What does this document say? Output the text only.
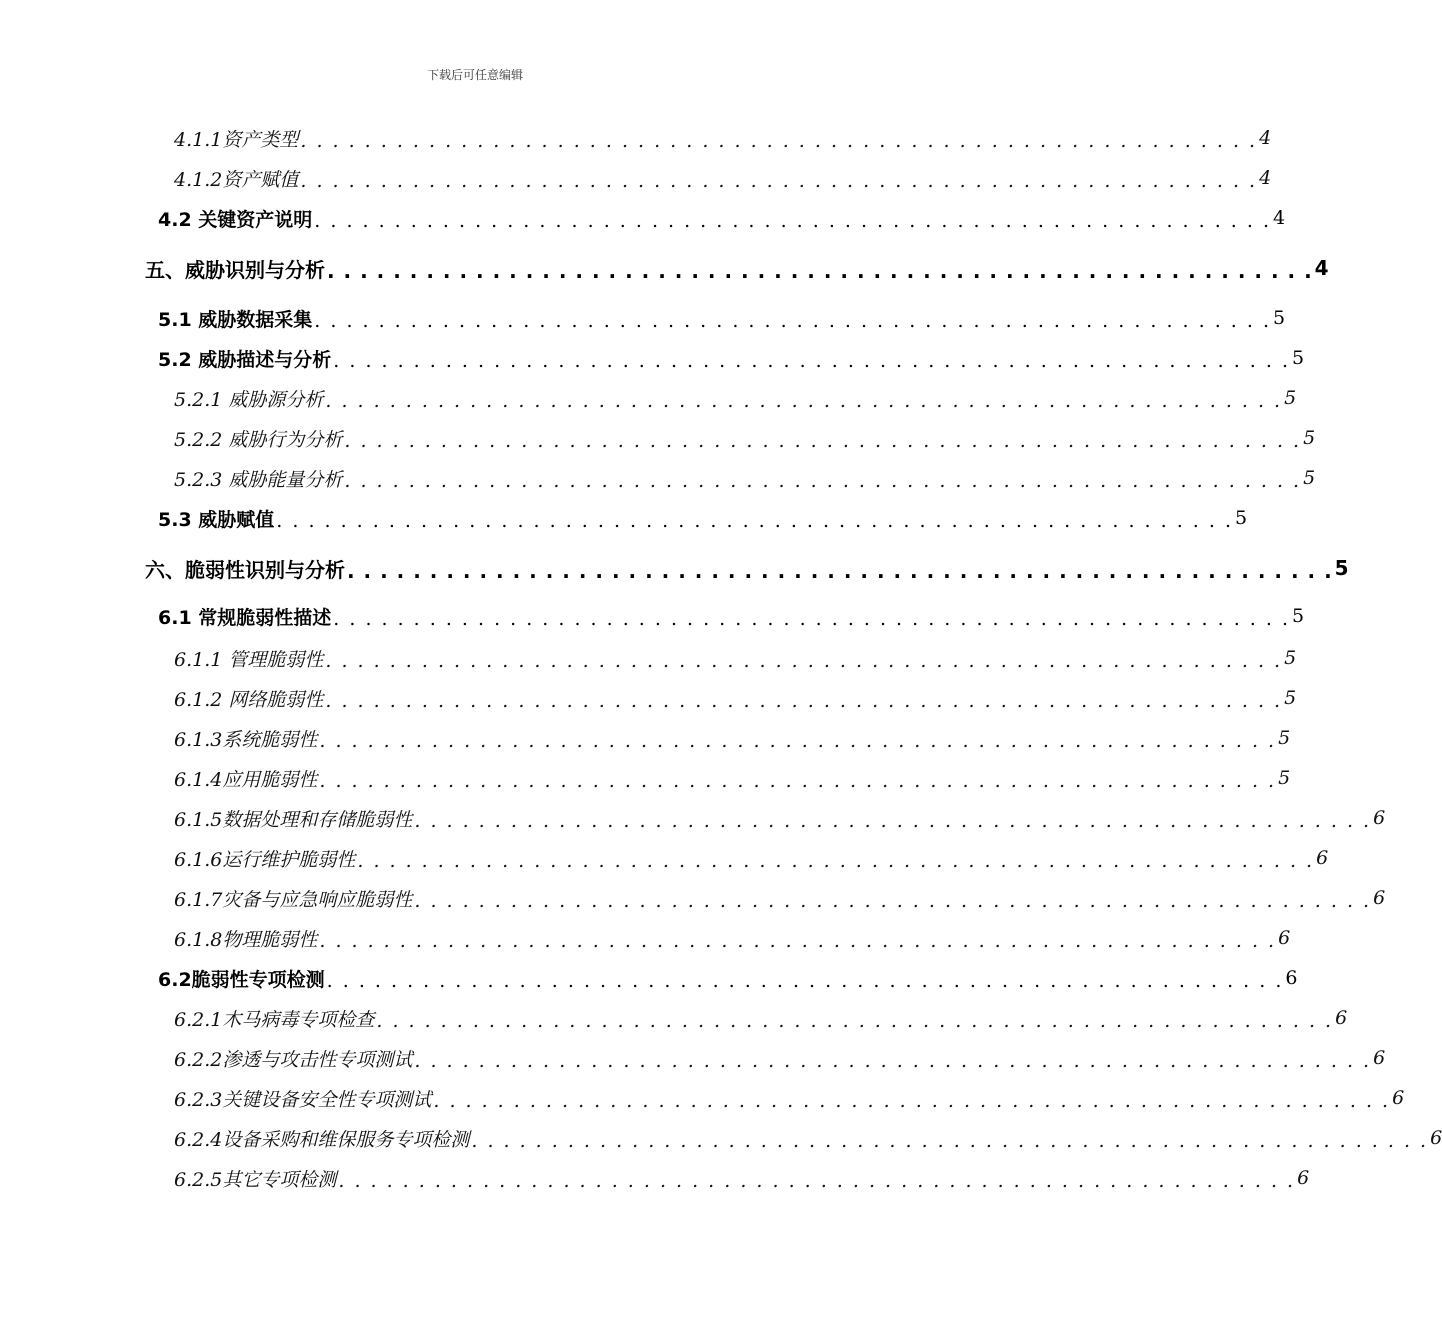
下载后可任意编辑
4.1.1资产类型 . . . . . . . . . . . . . . . . . . . . . . . . . . . . . . . . . . . . . . . . . . . . . . . . . . . . . . . . . . . . 4
4.1.2资产赋值 . . . . . . . . . . . . . . . . . . . . . . . . . . . . . . . . . . . . . . . . . . . . . . . . . . . . . . . . . . . . 4
4.2 关键资产说明 . . . . . . . . . . . . . . . . . . . . . . . . . . . . . . . . . . . . . . . . . . . . . . . . . . . . . . . . . . . . 4
五、 威胁识别与分析 . . . . . . . . . . . . . . . . . . . . . . . . . . . . . . . . . . . . . . . . . . . . . . . . . . . . . . . . . . . . 4
5.1 威胁数据采集 . . . . . . . . . . . . . . . . . . . . . . . . . . . . . . . . . . . . . . . . . . . . . . . . . . . . . . . . . . . . 5
5.2 威胁描述与分析 . . . . . . . . . . . . . . . . . . . . . . . . . . . . . . . . . . . . . . . . . . . . . . . . . . . . . . . . . . . . 5
5.2.1 威胁源分析 . . . . . . . . . . . . . . . . . . . . . . . . . . . . . . . . . . . . . . . . . . . . . . . . . . . . . . . . . . . . 5
5.2.2 威胁行为分析 . . . . . . . . . . . . . . . . . . . . . . . . . . . . . . . . . . . . . . . . . . . . . . . . . . . . . . . . . . . . 5
5.2.3 威胁能量分析 . . . . . . . . . . . . . . . . . . . . . . . . . . . . . . . . . . . . . . . . . . . . . . . . . . . . . . . . . . . . 5
5.3 威胁赋值 . . . . . . . . . . . . . . . . . . . . . . . . . . . . . . . . . . . . . . . . . . . . . . . . . . . . . . . . . . . . 5
六、 脆弱性识别与分析 . . . . . . . . . . . . . . . . . . . . . . . . . . . . . . . . . . . . . . . . . . . . . . . . . . . . . . . . . . . . 5
6.1 常规脆弱性描述 . . . . . . . . . . . . . . . . . . . . . . . . . . . . . . . . . . . . . . . . . . . . . . . . . . . . . . . . . . . . 5
6.1.1 管理脆弱性 . . . . . . . . . . . . . . . . . . . . . . . . . . . . . . . . . . . . . . . . . . . . . . . . . . . . . . . . . . . . 5
6.1.2 网络脆弱性 . . . . . . . . . . . . . . . . . . . . . . . . . . . . . . . . . . . . . . . . . . . . . . . . . . . . . . . . . . . . 5
6.1.3系统脆弱性 . . . . . . . . . . . . . . . . . . . . . . . . . . . . . . . . . . . . . . . . . . . . . . . . . . . . . . . . . . . . 5
6.1.4应用脆弱性 . . . . . . . . . . . . . . . . . . . . . . . . . . . . . . . . . . . . . . . . . . . . . . . . . . . . . . . . . . . . 5
6.1.5数据处理和存储脆弱性 . . . . . . . . . . . . . . . . . . . . . . . . . . . . . . . . . . . . . . . . . . . . . . . . . . . . . . . . . . . . 6
6.1.6运行维护脆弱性 . . . . . . . . . . . . . . . . . . . . . . . . . . . . . . . . . . . . . . . . . . . . . . . . . . . . . . . . . . . . 6
6.1.7灾备与应急响应脆弱性 . . . . . . . . . . . . . . . . . . . . . . . . . . . . . . . . . . . . . . . . . . . . . . . . . . . . . . . . . . . . 6
6.1.8物理脆弱性 . . . . . . . . . . . . . . . . . . . . . . . . . . . . . . . . . . . . . . . . . . . . . . . . . . . . . . . . . . . . 6
6.2脆弱性专项检测 . . . . . . . . . . . . . . . . . . . . . . . . . . . . . . . . . . . . . . . . . . . . . . . . . . . . . . . . . . . . 6
6.2.1木马病毒专项检查 . . . . . . . . . . . . . . . . . . . . . . . . . . . . . . . . . . . . . . . . . . . . . . . . . . . . . . . . . . . . 6
6.2.2渗透与攻击性专项测试 . . . . . . . . . . . . . . . . . . . . . . . . . . . . . . . . . . . . . . . . . . . . . . . . . . . . . . . . . . . . 6
6.2.3关键设备安全性专项测试 . . . . . . . . . . . . . . . . . . . . . . . . . . . . . . . . . . . . . . . . . . . . . . . . . . . . . . . . . . . . 6
6.2.4设备采购和维保服务专项检测 . . . . . . . . . . . . . . . . . . . . . . . . . . . . . . . . . . . . . . . . . . . . . . . . . . . . . . . . . . . . 6
6.2.5其它专项检测 . . . . . . . . . . . . . . . . . . . . . . . . . . . . . . . . . . . . . . . . . . . . . . . . . . . . . . . . . . . . 6
